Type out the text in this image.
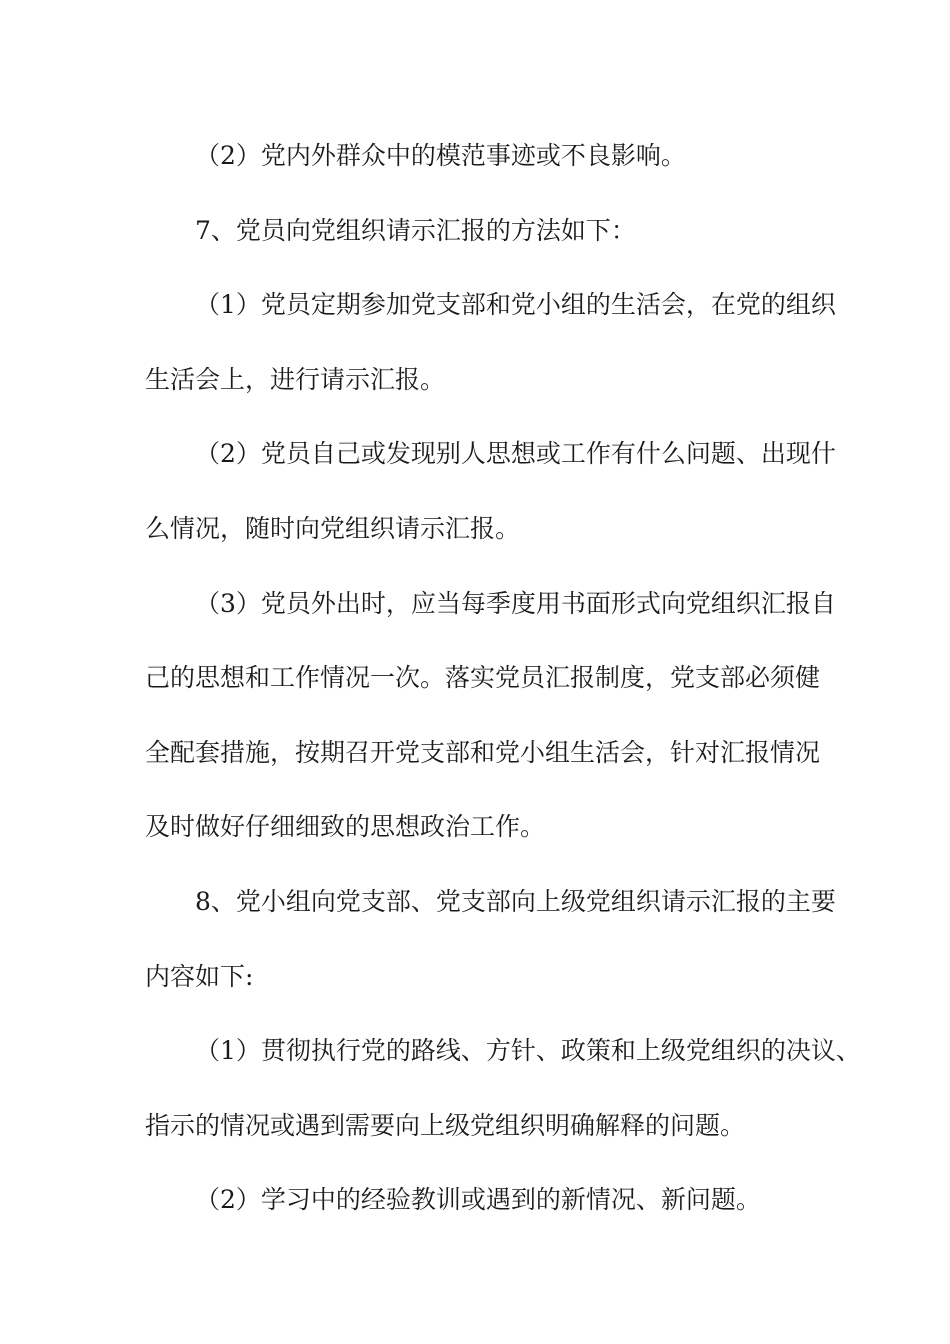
（2）党内外群众中的模范事迹或不良影响。
7、党员向党组织请示汇报的方法如下：
（1）党员定期参加党支部和党小组的生活会，在党的组织
生活会上，进行请示汇报。
（2）党员自己或发现别人思想或工作有什么问题、出现什
么情况，随时向党组织请示汇报。
（3）党员外出时，应当每季度用书面形式向党组织汇报自
己的思想和工作情况一次。落实党员汇报制度，党支部必须健
全配套措施，按期召开党支部和党小组生活会，针对汇报情况
及时做好仔细细致的思想政治工作。
8、党小组向党支部、党支部向上级党组织请示汇报的主要
内容如下:
（1）贯彻执行党的路线、方针、政策和上级党组织的决议、
指示的情况或遇到需要向上级党组织明确解释的问题。
（2）学习中的经验教训或遇到的新情况、新问题。
